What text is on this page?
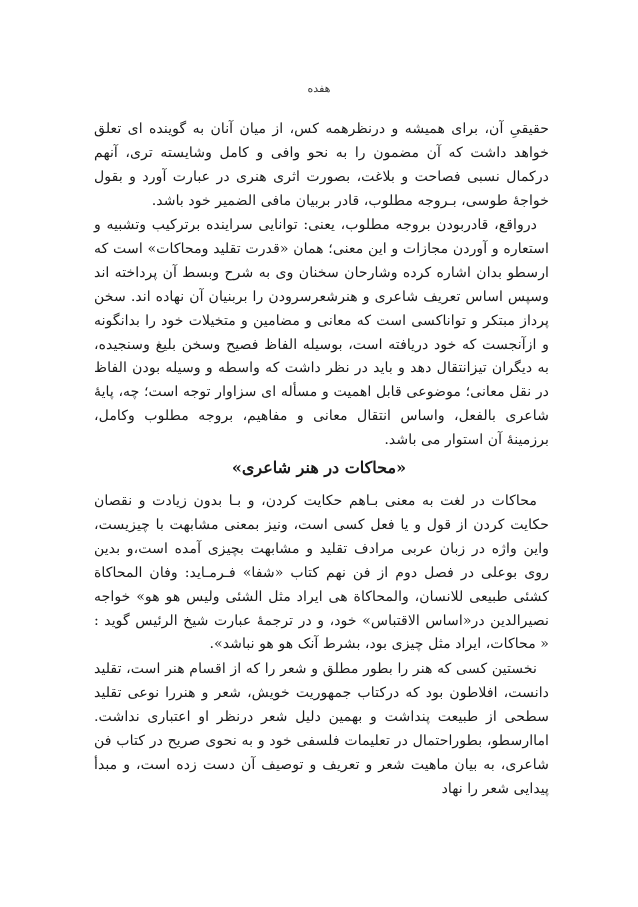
هفده

حقیقیِ آن، برای همیشه و درنظرهمه کس، از میان آنان به گوینده ای تعلق خواهد داشت که آن مضمون را به نحو وافی و کامل وشایسته تری، آنهم درکمال نسبی فصاحت و بلاغت، بصورت اثری هنری در عبارت آورد و بقول خواجهٔ طوسی، بـروجه مطلوب، قادر بربیان مافی الضمیر خود باشد.

درواقع، قادربودن بروجه مطلوب، یعنی: توانایی سراینده برترکیب وتشبیه و استعاره و آوردن مجازات و این معنی؛ همان «قدرت تقلید ومحاکات» است که ارسطو بدان اشاره کرده وشارحان سخنان وی به شرح وبسط آن پرداخته اند وسپس اساس تعریف شاعری و هنرشعرسرودن را بربنیان آن نهاده اند. سخن پرداز مبتکر و تواناکسی است که معانی و مضامین و متخیلات خود را بدانگونه و ازآنجست که خود دریافته است، بوسیله الفاظ فصیح وسخن بلیغ وسنجیده، به دیگران تیزانتقال دهد و باید در نظر داشت که واسطه و وسیله بودن الفاظ در نقل معانی؛ موضوعی قابل اهمیت و مسأله ای سزاوار توجه است؛ چه، پایهٔ شاعری بالفعل، واساس انتقال معانی و مفاهیم، بروجه مطلوب وکامل، برزمینهٔ آن استوار می باشد.

«محاکات در هنر شاعری»

محاکات در لغت به معنی بـاهم حکایت کردن، و بـا بدون زیادت و نقصان حکایت کردن از قول و یا فعل کسی است، ونیز بمعنی مشابهت با چیزیست، واین واژه در زبان عربی مرادف تقلید و مشابهت بچیزی آمده است،و بدین روی بوعلی در فصل دوم از فن نهم کتاب «شفا» فـرمـاید: وفان المحاکاة کشئی طبیعی للانسان، والمحاکاة هی ایراد مثل الشئی ولیس هو هو» خواجه نصیرالدین در«اساس الاقتباس» خود، و در ترجمهٔ عبارت شیخ الرئیس گوید : « محاکات، ایراد مثل چیزی بود، بشرط آنک هو هو نباشد».

نخستین کسی که هنر را بطور مطلق و شعر را که از اقسام هنر است، تقلید دانست، افلاطون بود که درکتاب جمهوریت خویش، شعر و هنررا نوعی تقلید سطحی از طبیعت پنداشت و بهمین دلیل شعر درنظر او اعتباری نداشت. اماارسطو، بطوراحتمال در تعلیمات فلسفی خود و به نحوی صریح در کتاب فن شاعری، به بیان ماهیت شعر و تعریف و توصیف آن دست زده است، و مبدأ پیدایی شعر را نهاد
